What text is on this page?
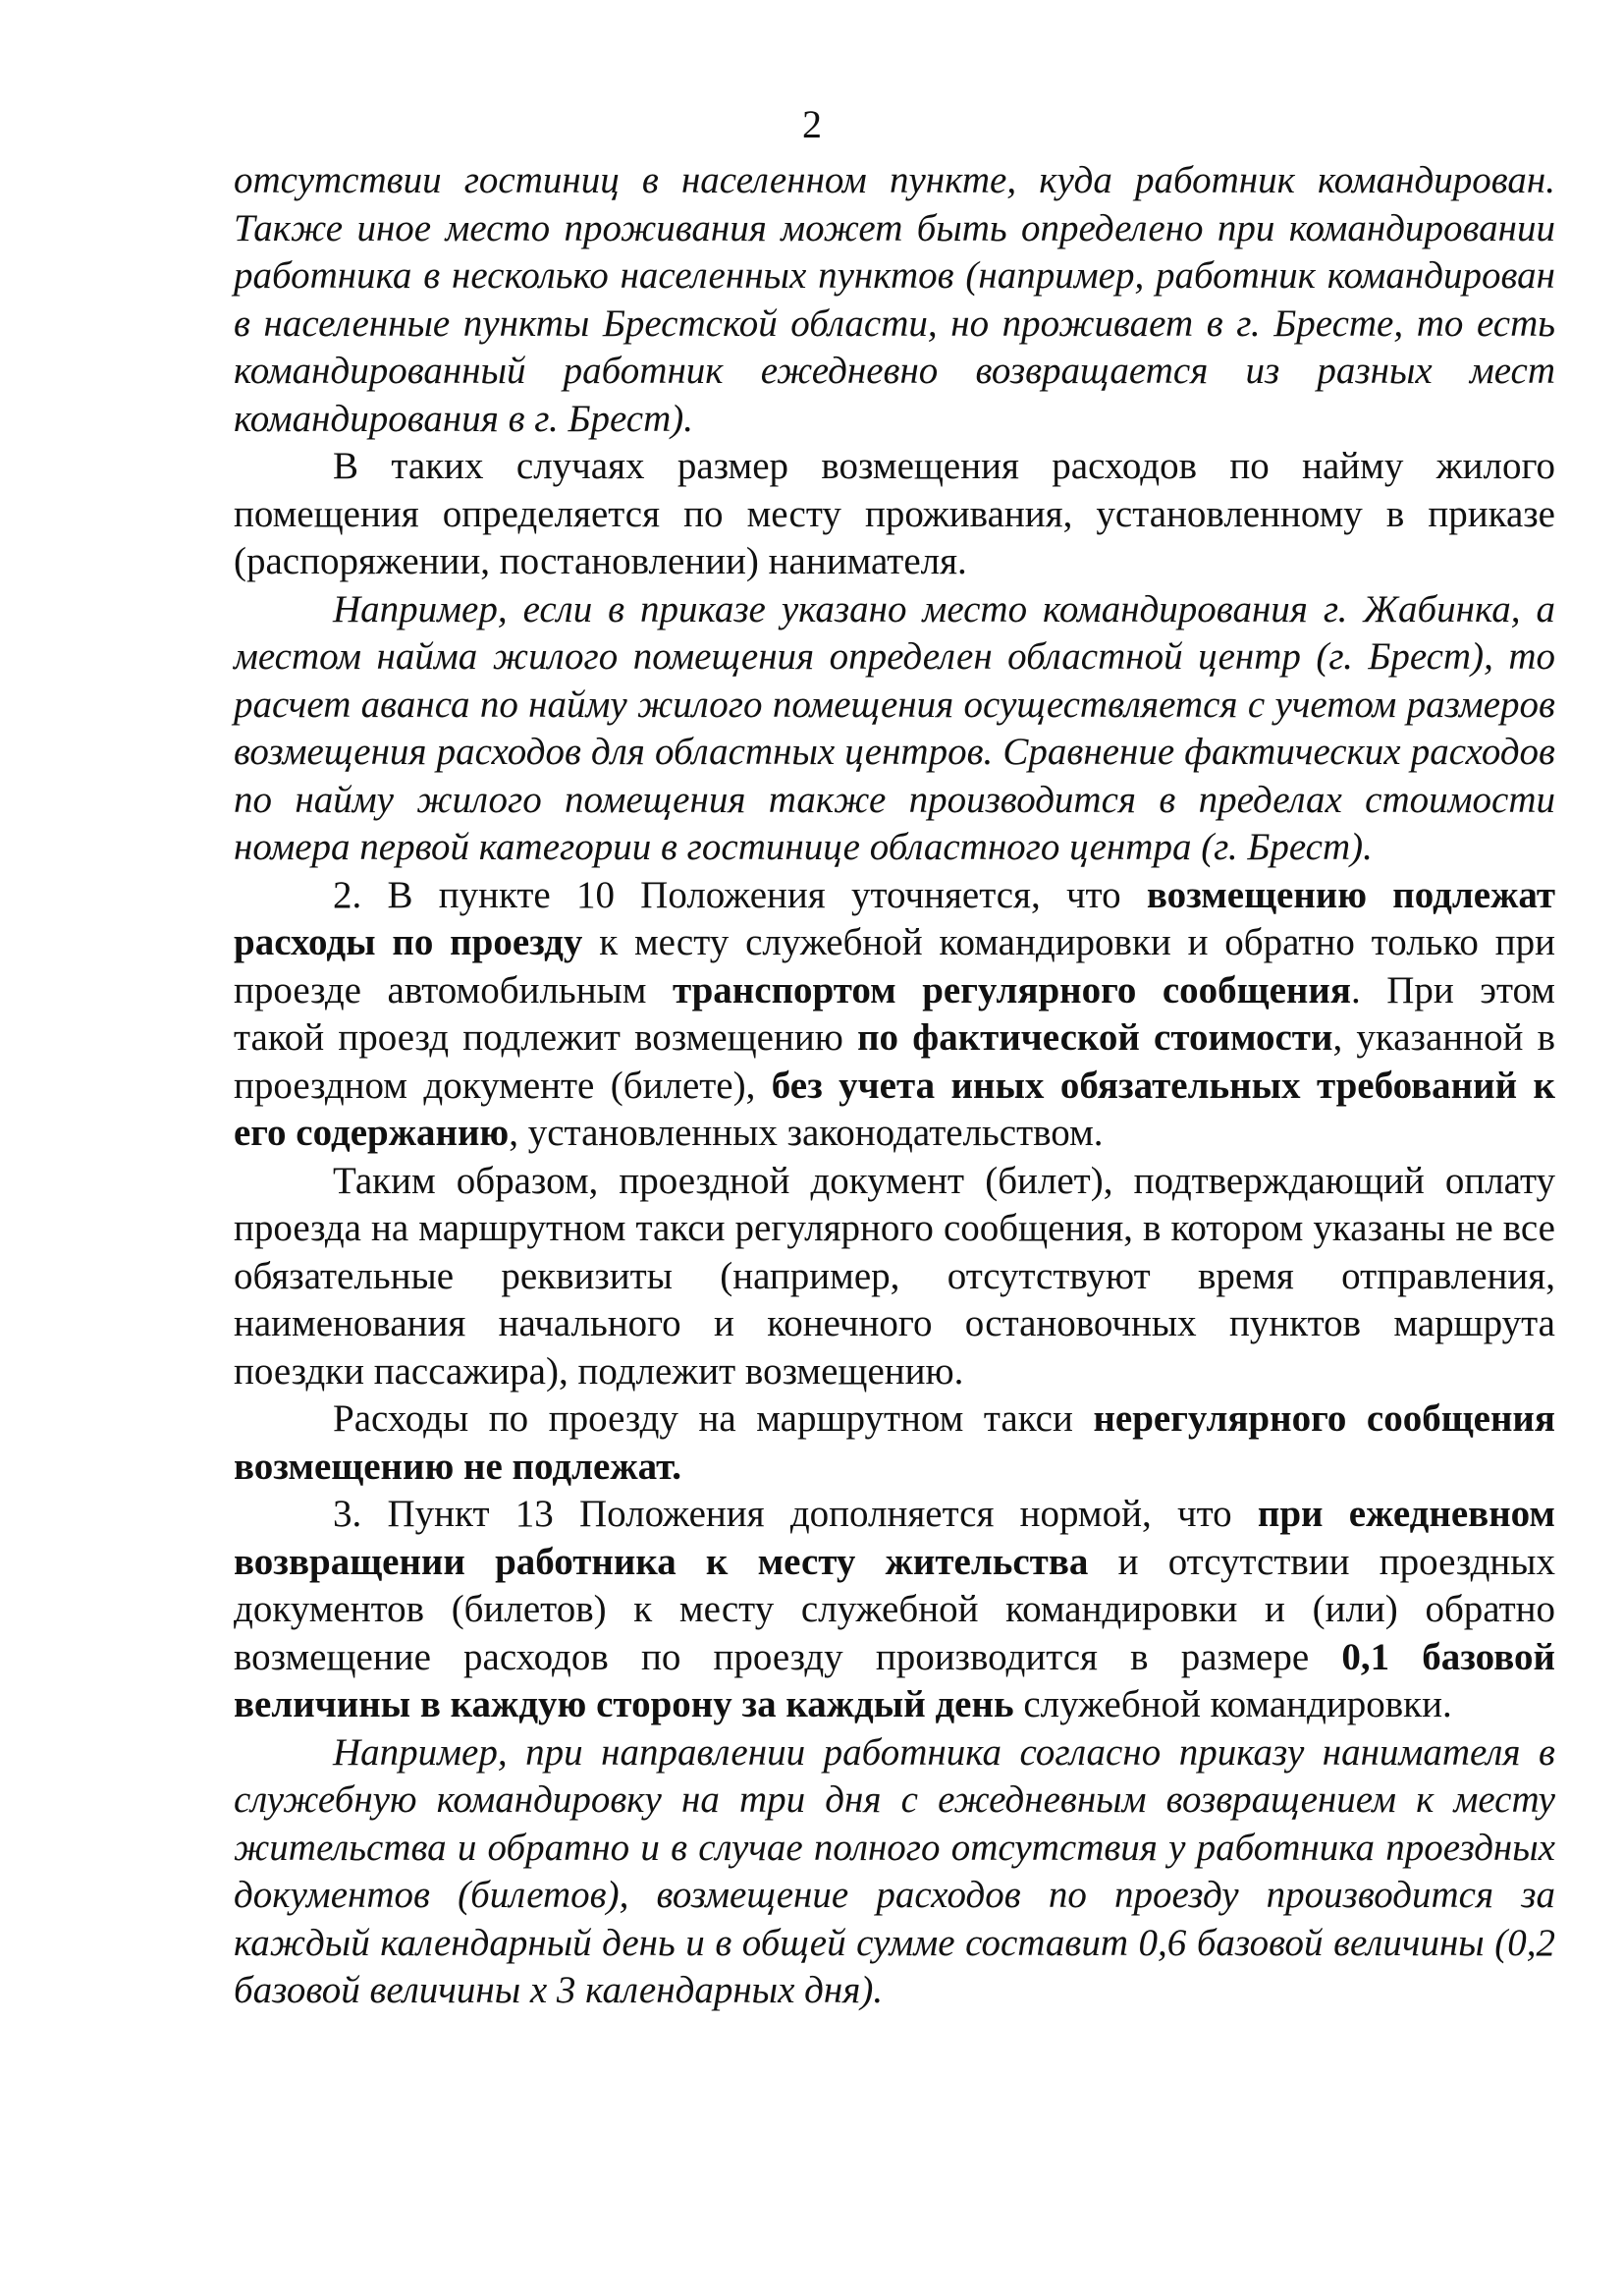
2

отсутствии гостиниц в населенном пункте, куда работник командирован. Также иное место проживания может быть определено при командировании работника в несколько населенных пунктов (например, работник командирован в населенные пункты Брестской области, но проживает в г. Бресте, то есть командированный работник ежедневно возвращается из разных мест командирования в г. Брест).

В таких случаях размер возмещения расходов по найму жилого помещения определяется по месту проживания, установленному в приказе (распоряжении, постановлении) нанимателя.

Например, если в приказе указано место командирования г. Жабинка, а местом найма жилого помещения определен областной центр (г. Брест), то расчет аванса по найму жилого помещения осуществляется с учетом размеров возмещения расходов для областных центров. Сравнение фактических расходов по найму жилого помещения также производится в пределах стоимости номера первой категории в гостинице областного центра (г. Брест).

2. В пункте 10 Положения уточняется, что возмещению подлежат расходы по проезду к месту служебной командировки и обратно только при проезде автомобильным транспортом регулярного сообщения. При этом такой проезд подлежит возмещению по фактической стоимости, указанной в проездном документе (билете), без учета иных обязательных требований к его содержанию, установленных законодательством.

Таким образом, проездной документ (билет), подтверждающий оплату проезда на маршрутном такси регулярного сообщения, в котором указаны не все обязательные реквизиты (например, отсутствуют время отправления, наименования начального и конечного остановочных пунктов маршрута поездки пассажира), подлежит возмещению.

Расходы по проезду на маршрутном такси нерегулярного сообщения возмещению не подлежат.

3. Пункт 13 Положения дополняется нормой, что при ежедневном возвращении работника к месту жительства и отсутствии проездных документов (билетов) к месту служебной командировки и (или) обратно возмещение расходов по проезду производится в размере 0,1 базовой величины в каждую сторону за каждый день служебной командировки.

Например, при направлении работника согласно приказу нанимателя в служебную командировку на три дня с ежедневным возвращением к месту жительства и обратно и в случае полного отсутствия у работника проездных документов (билетов), возмещение расходов по проезду производится за каждый календарный день и в общей сумме составит 0,6 базовой величины (0,2 базовой величины х 3 календарных дня).
